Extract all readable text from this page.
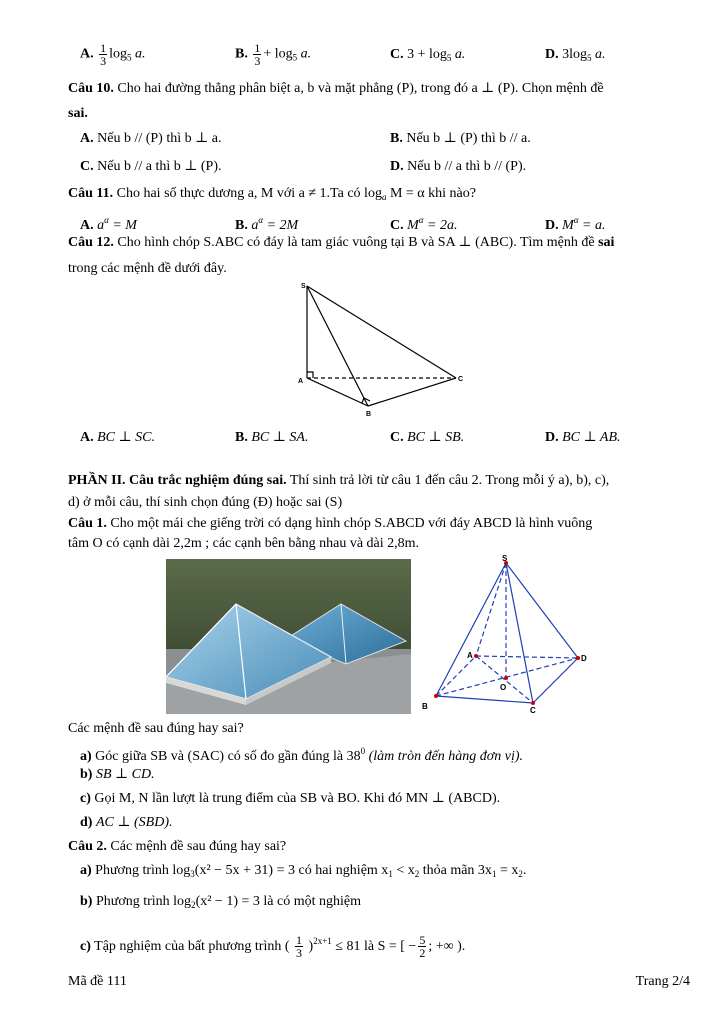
A. $\frac{1}{3} \log_5 a$.	B. $\frac{1}{3} + \log_5 a$.	C. $3 + \log_5 a$.	D. $3\log_5$ a.
Câu 10. Cho hai đường thẳng phân biệt a, b và mặt phẳng (P), trong đó a ⊥ (P). Chọn mệnh đề
sai.
A. Nếu b // (P) thì b ⊥ a.	B. Nếu b ⊥ (P) thì b // a.
C. Nếu b // a thì b ⊥ (P).	D. Nếu b // a thì b // (P).
Câu 11. Cho hai số thực dương a, M với a ≠ 1.Ta có $\log_a M = \alpha$ khi nào?
A. $a^\alpha = M$	B. $a^\alpha = 2M$	C. $M^\alpha = 2a$.	D. $M^\alpha = a$.
Câu 12. Cho hình chóp S.ABC có đáy là tam giác vuông tại B và SA ⊥ (ABC). Tìm mệnh đề sai
trong các mệnh đề dưới đây.
S
A
B
C
A. BC ⊥ SC.	B. BC ⊥ SA.	C. BC ⊥ SB.	D. BC ⊥ AB.
PHẦN II. Câu trắc nghiệm đúng sai. Thí sinh trả lời từ câu 1 đến câu 2. Trong mỗi ý a), b), c),
d) ở mỗi câu, thí sinh chọn đúng (Đ) hoặc sai (S)
Câu 1. Cho một mái che giếng trời có dạng hình chóp S.ABCD với đáy ABCD là hình vuông
tâm O có cạnh dài 2,2m ; các cạnh bên bằng nhau và dài 2,8m.
S
A	D
O
B	C
Các mệnh đề sau đúng hay sai?
a) Góc giữa SB và (SAC) có số đo gần đúng là $38^0$ (làm tròn đến hàng đơn vị).
b) SB ⊥ CD.
c) Gọi M, N lần lượt là trung điểm của SB và BO. Khi đó MN ⊥ (ABCD).
d) AC ⊥ (SBD).
Câu 2. Các mệnh đề sau đúng hay sai?
a) Phương trình $\log_3(x^2 - 5x + 31) = 3$ có hai nghiệm $x_1 < x_2$ thỏa mãn $3x_1 = x_2$.
b) Phương trình $\log_2(x^2 - 1) = 3$ là có một nghiệm
c) Tập nghiệm của bất phương trình ( $\frac{1}{3} )^{2x+1} \le 81$ là S = [ − $\frac{5}{2}$ ; +∞ ).
Mã đề 111	Trang 2/4
